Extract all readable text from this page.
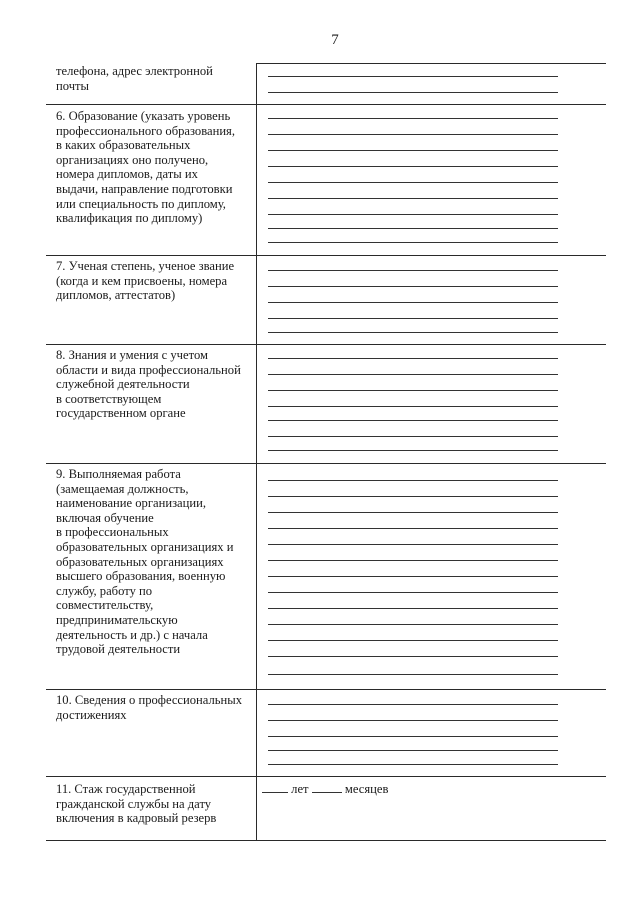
7
телефона, адрес электронной
почты
6. Образование (указать уровень
профессионального образования,
в каких образовательных
организациях оно получено,
номера дипломов, даты их
выдачи, направление подготовки
или специальность по диплому,
квалификация по диплому)
7. Ученая степень, ученое звание
(когда и кем присвоены, номера
дипломов, аттестатов)
8. Знания и умения с учетом
области и вида профессиональной
служебной деятельности
в соответствующем
государственном органе
9. Выполняемая работа
(замещаемая должность,
наименование организации,
включая обучение
в профессиональных
образовательных организациях и
образовательных организациях
высшего образования, военную
службу, работу по
совместительству,
предпринимательскую
деятельность и др.) с начала
трудовой деятельности
10. Сведения о профессиональных
достижениях
11. Стаж государственной
гражданской службы на дату
включения в кадровый резерв
лет	месяцев
